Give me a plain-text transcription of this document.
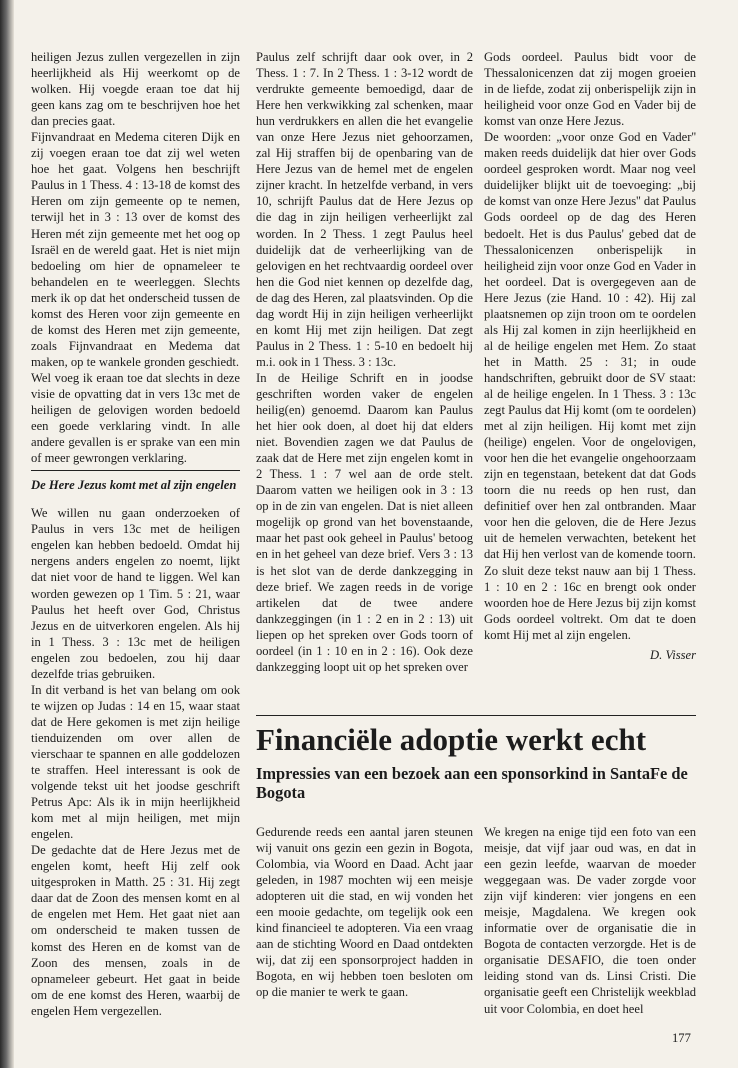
heiligen Jezus zullen vergezellen in zijn heerlijkheid als Hij weerkomt op de wolken. Hij voegde eraan toe dat hij geen kans zag om te beschrijven hoe het dan precies gaat.

Fijnvandraat en Medema citeren Dijk en zij voegen eraan toe dat zij wel weten hoe het gaat. Volgens hen beschrijft Paulus in 1 Thess. 4 : 13-18 de komst des Heren om zijn gemeente op te nemen, terwijl het in 3 : 13 over de komst des Heren mét zijn gemeente met het oog op Israël en de wereld gaat. Het is niet mijn bedoeling om hier de opnameleer te behandelen en te weerleggen. Slechts merk ik op dat het onderscheid tussen de komst des Heren voor zijn gemeente en de komst des Heren met zijn gemeente, zoals Fijnvandraat en Medema dat maken, op te wankele gronden geschiedt.

Wel voeg ik eraan toe dat slechts in deze visie de opvatting dat in vers 13c met de heiligen de gelovigen worden bedoeld een goede verklaring vindt. In alle andere gevallen is er sprake van een min of meer gewrongen verklaring.

De Here Jezus komt met al zijn engelen

We willen nu gaan onderzoeken of Paulus in vers 13c met de heiligen engelen kan hebben bedoeld. Omdat hij nergens anders engelen zo noemt, lijkt dat niet voor de hand te liggen. Wel kan worden gewezen op 1 Tim. 5 : 21, waar Paulus het heeft over God, Christus Jezus en de uitverkoren engelen. Als hij in 1 Thess. 3 : 13c met de heiligen engelen zou bedoelen, zou hij daar dezelfde trias gebruiken.

In dit verband is het van belang om ook te wijzen op Judas : 14 en 15, waar staat dat de Here gekomen is met zijn heilige tienduizenden om over allen de vierschaar te spannen en alle goddelozen te straffen. Heel interessant is ook de volgende tekst uit het joodse geschrift Petrus Apc: Als ik in mijn heerlijkheid kom met al mijn heiligen, met mijn engelen.

De gedachte dat de Here Jezus met de engelen komt, heeft Hij zelf ook uitgesproken in Matth. 25 : 31. Hij zegt daar dat de Zoon des mensen komt en al de engelen met Hem. Het gaat niet aan om onderscheid te maken tussen de komst des Heren en de komst van de Zoon des mensen, zoals in de opnameleer gebeurt. Het gaat in beide om de ene komst des Heren, waarbij de engelen Hem vergezellen.

Paulus zelf schrijft daar ook over, in 2 Thess. 1 : 7. In 2 Thess. 1 : 3-12 wordt de verdrukte gemeente bemoedigd, daar de Here hen verkwikking zal schenken, maar hun verdrukkers en allen die het evangelie van onze Here Jezus niet gehoorzamen, zal Hij straffen bij de openbaring van de Here Jezus van de hemel met de engelen zijner kracht. In hetzelfde verband, in vers 10, schrijft Paulus dat de Here Jezus op die dag in zijn heiligen verheerlijkt zal worden. In 2 Thess. 1 zegt Paulus heel duidelijk dat de verheerlijking van de gelovigen en het rechtvaardig oordeel over hen die God niet kennen op dezelfde dag, de dag des Heren, zal plaatsvinden. Op die dag wordt Hij in zijn heiligen verheerlijkt en komt Hij met zijn heiligen. Dat zegt Paulus in 2 Thess. 1 : 5-10 en bedoelt hij m.i. ook in 1 Thess. 3 : 13c.

In de Heilige Schrift en in joodse geschriften worden vaker de engelen heilig(en) genoemd. Daarom kan Paulus het hier ook doen, al doet hij dat elders niet. Bovendien zagen we dat Paulus de zaak dat de Here met zijn engelen komt in 2 Thess. 1 : 7 wel aan de orde stelt. Daarom vatten we heiligen ook in 3 : 13 op in de zin van engelen. Dat is niet alleen mogelijk op grond van het bovenstaande, maar het past ook geheel in Paulus' betoog en in het geheel van deze brief. Vers 3 : 13 is het slot van de derde dankzegging in deze brief. We zagen reeds in de vorige artikelen dat de twee andere dankzeggingen (in 1 : 2 en in 2 : 13) uit liepen op het spreken over Gods toorn of oordeel (in 1 : 10 en in 2 : 16). Ook deze dankzegging loopt uit op het spreken over

Gods oordeel. Paulus bidt voor de Thessalonicenzen dat zij mogen groeien in de liefde, zodat zij onberispelijk zijn in heiligheid voor onze God en Vader bij de komst van onze Here Jezus.

De woorden: „voor onze God en Vader'' maken reeds duidelijk dat hier over Gods oordeel gesproken wordt. Maar nog veel duidelijker blijkt uit de toevoeging: „bij de komst van onze Here Jezus'' dat Paulus Gods oordeel op de dag des Heren bedoelt. Het is dus Paulus' gebed dat de Thessalonicenzen onberispelijk in heiligheid zijn voor onze God en Vader in het oordeel. Dat is overgegeven aan de Here Jezus (zie Hand. 10 : 42). Hij zal plaatsnemen op zijn troon om te oordelen als Hij zal komen in zijn heerlijkheid en al de heilige engelen met Hem. Zo staat het in Matth. 25 : 31; in oude handschriften, gebruikt door de SV staat: al de heilige engelen. In 1 Thess. 3 : 13c zegt Paulus dat Hij komt (om te oordelen) met al zijn heiligen. Hij komt met zijn (heilige) engelen. Voor de ongelovigen, voor hen die het evangelie ongehoorzaam zijn en tegenstaan, betekent dat dat Gods toorn die nu reeds op hen rust, dan definitief over hen zal ontbranden. Maar voor hen die geloven, die de Here Jezus uit de hemelen verwachten, betekent het dat Hij hen verlost van de komende toorn.

Zo sluit deze tekst nauw aan bij 1 Thess. 1 : 10 en 2 : 16c en brengt ook onder woorden hoe de Here Jezus bij zijn komst Gods oordeel voltrekt. Om dat te doen komt Hij met al zijn engelen.

D. Visser

Financiële adoptie werkt echt
Impressies van een bezoek aan een sponsorkind in SantaFe de Bogota

Gedurende reeds een aantal jaren steunen wij vanuit ons gezin een gezin in Bogota, Colombia, via Woord en Daad. Acht jaar geleden, in 1987 mochten wij een meisje adopteren uit die stad, en wij vonden het een mooie gedachte, om tegelijk ook een kind financieel te adopteren. Via een vraag aan de stichting Woord en Daad ontdekten wij, dat zij een sponsorproject hadden in Bogota, en wij hebben toen besloten om op die manier te werk te gaan.

We kregen na enige tijd een foto van een meisje, dat vijf jaar oud was, en dat in een gezin leefde, waarvan de moeder weggegaan was. De vader zorgde voor zijn vijf kinderen: vier jongens en een meisje, Magdalena. We kregen ook informatie over de organisatie die in Bogota de contacten verzorgde. Het is de organisatie DESAFIO, die toen onder leiding stond van ds. Linsi Cristi. Die organisatie geeft een Christelijk weekblad uit voor Colombia, en doet heel

177
